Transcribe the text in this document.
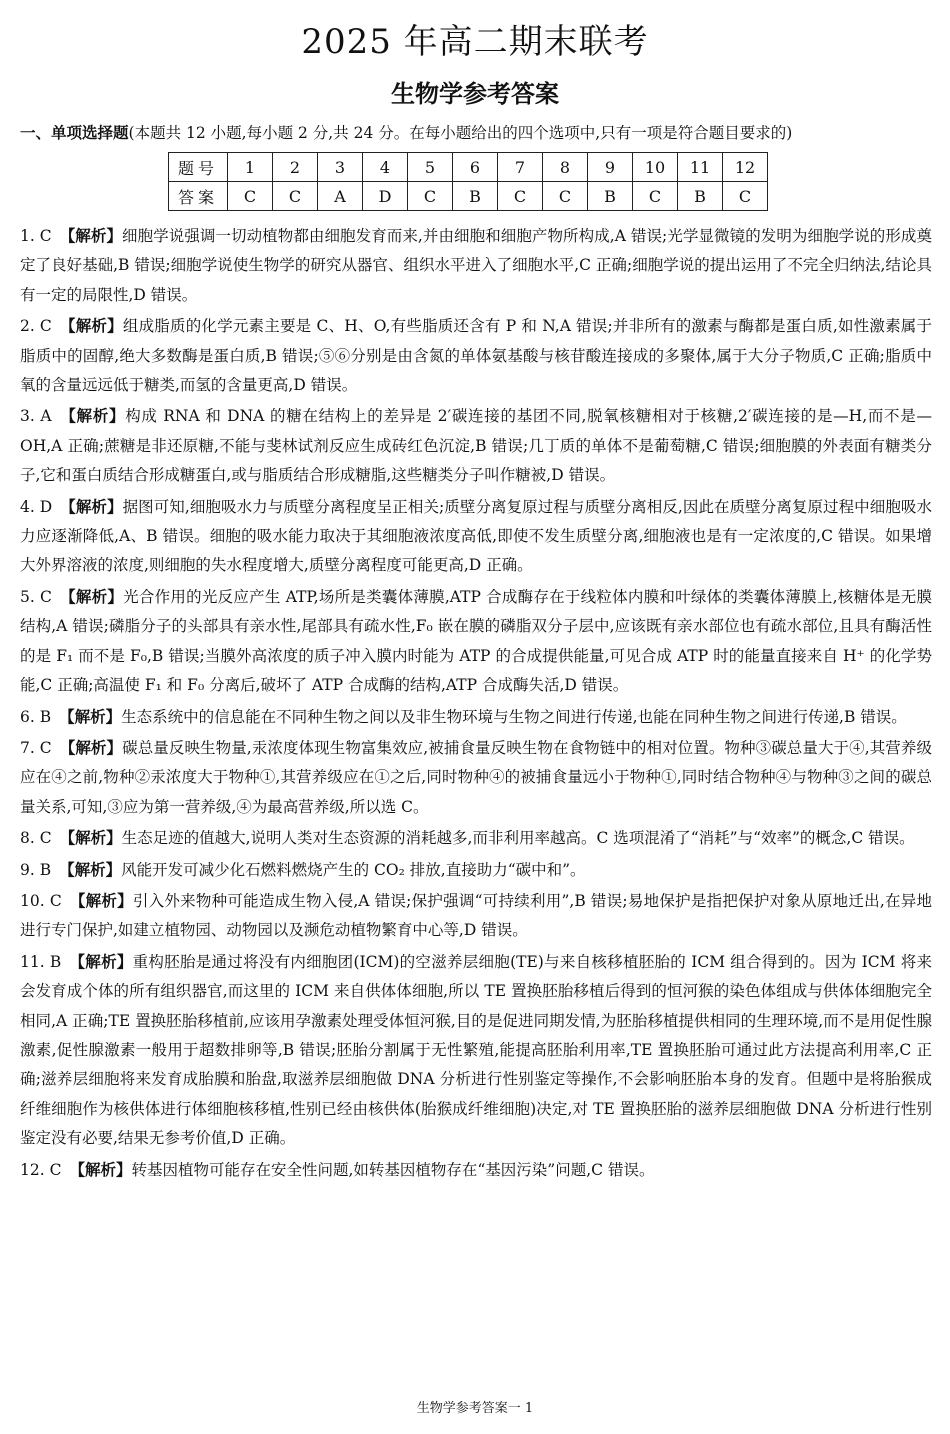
2025 年高二期末联考
生物学参考答案
一、单项选择题(本题共 12 小题,每小题 2 分,共 24 分。在每小题给出的四个选项中,只有一项是符合题目要求的)
题号	1	2	3	4	5	6	7	8	9	10	11	12
答案	C	C	A	D	C	B	C	C	B	C	B	C
1. C 【解析】细胞学说强调一切动植物都由细胞发育而来,并由细胞和细胞产物所构成,A 错误;光学显微镜的发明为细胞学说的形成奠定了良好基础,B 错误;细胞学说使生物学的研究从器官、组织水平进入了细胞水平,C 正确;细胞学说的提出运用了不完全归纳法,结论具有一定的局限性,D 错误。
2. C 【解析】组成脂质的化学元素主要是 C、H、O,有些脂质还含有 P 和 N,A 错误;并非所有的激素与酶都是蛋白质,如性激素属于脂质中的固醇,绝大多数酶是蛋白质,B 错误;⑤⑥分别是由含氮的单体氨基酸与核苷酸连接成的多聚体,属于大分子物质,C 正确;脂质中氧的含量远远低于糖类,而氢的含量更高,D 错误。
3. A 【解析】构成 RNA 和 DNA 的糖在结构上的差异是 2′碳连接的基团不同,脱氧核糖相对于核糖,2′碳连接的是—H,而不是—OH,A 正确;蔗糖是非还原糖,不能与斐林试剂反应生成砖红色沉淀,B 错误;几丁质的单体不是葡萄糖,C 错误;细胞膜的外表面有糖类分子,它和蛋白质结合形成糖蛋白,或与脂质结合形成糖脂,这些糖类分子叫作糖被,D 错误。
4. D 【解析】据图可知,细胞吸水力与质壁分离程度呈正相关;质壁分离复原过程与质壁分离相反,因此在质壁分离复原过程中细胞吸水力应逐渐降低,A、B 错误。细胞的吸水能力取决于其细胞液浓度高低,即使不发生质壁分离,细胞液也是有一定浓度的,C 错误。如果增大外界溶液的浓度,则细胞的失水程度增大,质壁分离程度可能更高,D 正确。
5. C 【解析】光合作用的光反应产生 ATP,场所是类囊体薄膜,ATP 合成酶存在于线粒体内膜和叶绿体的类囊体薄膜上,核糖体是无膜结构,A 错误;磷脂分子的头部具有亲水性,尾部具有疏水性,F₀ 嵌在膜的磷脂双分子层中,应该既有亲水部位也有疏水部位,且具有酶活性的是 F₁ 而不是 F₀,B 错误;当膜外高浓度的质子冲入膜内时能为 ATP 的合成提供能量,可见合成 ATP 时的能量直接来自 H⁺ 的化学势能,C 正确;高温使 F₁ 和 F₀ 分离后,破坏了 ATP 合成酶的结构,ATP 合成酶失活,D 错误。
6. B 【解析】生态系统中的信息能在不同种生物之间以及非生物环境与生物之间进行传递,也能在同种生物之间进行传递,B 错误。
7. C 【解析】碳总量反映生物量,汞浓度体现生物富集效应,被捕食量反映生物在食物链中的相对位置。物种③碳总量大于④,其营养级应在④之前,物种②汞浓度大于物种①,其营养级应在①之后,同时物种④的被捕食量远小于物种①,同时结合物种④与物种③之间的碳总量关系,可知,③应为第一营养级,④为最高营养级,所以选 C。
8. C 【解析】生态足迹的值越大,说明人类对生态资源的消耗越多,而非利用率越高。C 选项混淆了“消耗”与“效率”的概念,C 错误。
9. B 【解析】风能开发可减少化石燃料燃烧产生的 CO₂ 排放,直接助力“碳中和”。
10. C 【解析】引入外来物种可能造成生物入侵,A 错误;保护强调“可持续利用”,B 错误;易地保护是指把保护对象从原地迁出,在异地进行专门保护,如建立植物园、动物园以及濒危动植物繁育中心等,D 错误。
11. B 【解析】重构胚胎是通过将没有内细胞团(ICM)的空滋养层细胞(TE)与来自核移植胚胎的 ICM 组合得到的。因为 ICM 将来会发育成个体的所有组织器官,而这里的 ICM 来自供体体细胞,所以 TE 置换胚胎移植后得到的恒河猴的染色体组成与供体体细胞完全相同,A 正确;TE 置换胚胎移植前,应该用孕激素处理受体恒河猴,目的是促进同期发情,为胚胎移植提供相同的生理环境,而不是用促性腺激素,促性腺激素一般用于超数排卵等,B 错误;胚胎分割属于无性繁殖,能提高胚胎利用率,TE 置换胚胎可通过此方法提高利用率,C 正确;滋养层细胞将来发育成胎膜和胎盘,取滋养层细胞做 DNA 分析进行性别鉴定等操作,不会影响胚胎本身的发育。但题中是将胎猴成纤维细胞作为核供体进行体细胞核移植,性别已经由核供体(胎猴成纤维细胞)决定,对 TE 置换胚胎的滋养层细胞做 DNA 分析进行性别鉴定没有必要,结果无参考价值,D 正确。
12. C 【解析】转基因植物可能存在安全性问题,如转基因植物存在“基因污染”问题,C 错误。
生物学参考答案一 1
